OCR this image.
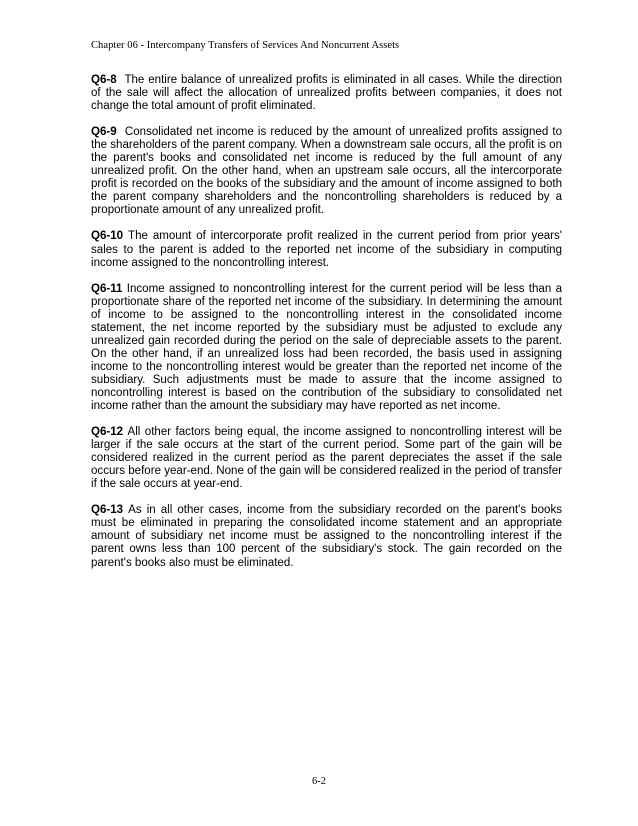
Chapter 06 - Intercompany Transfers of Services And Noncurrent Assets

Q6-8 The entire balance of unrealized profits is eliminated in all cases. While the direction of the sale will affect the allocation of unrealized profits between companies, it does not change the total amount of profit eliminated.

Q6-9 Consolidated net income is reduced by the amount of unrealized profits assigned to the shareholders of the parent company. When a downstream sale occurs, all the profit is on the parent's books and consolidated net income is reduced by the full amount of any unrealized profit. On the other hand, when an upstream sale occurs, all the intercorporate profit is recorded on the books of the subsidiary and the amount of income assigned to both the parent company shareholders and the noncontrolling shareholders is reduced by a proportionate amount of any unrealized profit.

Q6-10 The amount of intercorporate profit realized in the current period from prior years' sales to the parent is added to the reported net income of the subsidiary in computing income assigned to the noncontrolling interest.

Q6-11 Income assigned to noncontrolling interest for the current period will be less than a proportionate share of the reported net income of the subsidiary. In determining the amount of income to be assigned to the noncontrolling interest in the consolidated income statement, the net income reported by the subsidiary must be adjusted to exclude any unrealized gain recorded during the period on the sale of depreciable assets to the parent. On the other hand, if an unrealized loss had been recorded, the basis used in assigning income to the noncontrolling interest would be greater than the reported net income of the subsidiary. Such adjustments must be made to assure that the income assigned to noncontrolling interest is based on the contribution of the subsidiary to consolidated net income rather than the amount the subsidiary may have reported as net income.

Q6-12 All other factors being equal, the income assigned to noncontrolling interest will be larger if the sale occurs at the start of the current period. Some part of the gain will be considered realized in the current period as the parent depreciates the asset if the sale occurs before year-end. None of the gain will be considered realized in the period of transfer if the sale occurs at year-end.

Q6-13 As in all other cases, income from the subsidiary recorded on the parent's books must be eliminated in preparing the consolidated income statement and an appropriate amount of subsidiary net income must be assigned to the noncontrolling interest if the parent owns less than 100 percent of the subsidiary's stock. The gain recorded on the parent's books also must be eliminated.

6-2
